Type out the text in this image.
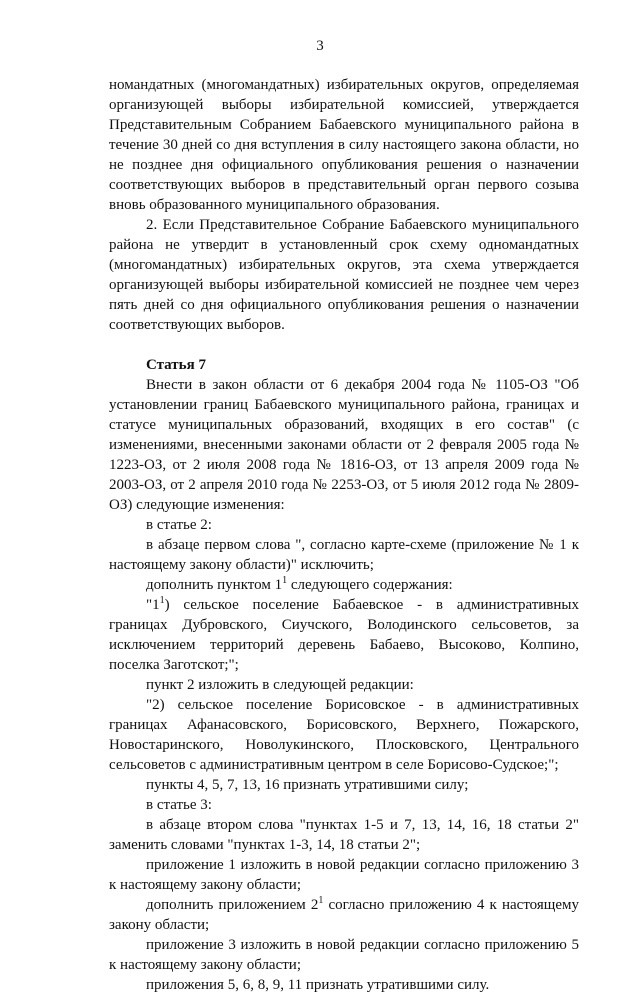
3

номандатных (многомандатных) избирательных округов, определяемая организующей выборы избирательной комиссией, утверждается Представительным Собранием Бабаевского муниципального района в течение 30 дней со дня вступления в силу настоящего закона области, но не позднее дня официального опубликования решения о назначении соответствующих выборов в представительный орган первого созыва вновь образованного муниципального образования.

2. Если Представительное Собрание Бабаевского муниципального района не утвердит в установленный срок схему одномандатных (многомандатных) избирательных округов, эта схема утверждается организующей выборы избирательной комиссией не позднее чем через пять дней со дня официального опубликования решения о назначении соответствующих выборов.

Статья 7

Внести в закон области от 6 декабря 2004 года № 1105-ОЗ "Об установлении границ Бабаевского муниципального района, границах и статусе муниципальных образований, входящих в его состав" (с изменениями, внесенными законами области от 2 февраля 2005 года № 1223-ОЗ, от 2 июля 2008 года № 1816-ОЗ, от 13 апреля 2009 года № 2003-ОЗ, от 2 апреля 2010 года № 2253-ОЗ, от 5 июля 2012 года № 2809-ОЗ) следующие изменения:

в статье 2:

в абзаце первом слова ", согласно карте-схеме (приложение № 1 к настоящему закону области)" исключить;

дополнить пунктом $1^1$ следующего содержания:

"$1^1$) сельское поселение Бабаевское - в административных границах Дубровского, Сиучского, Володинского сельсоветов, за исключением территорий деревень Бабаево, Высоково, Колпино, поселка Заготскот;";

пункт 2 изложить в следующей редакции:

"2) сельское поселение Борисовское - в административных границах Афанасовского, Борисовского, Верхнего, Пожарского, Новостаринского, Новолукинского, Плосковского, Центрального сельсоветов с административным центром в селе Борисово-Судское;";

пункты 4, 5, 7, 13, 16 признать утратившими силу;

в статье 3:

в абзаце втором слова "пунктах 1-5 и 7, 13, 14, 16, 18 статьи 2" заменить словами "пунктах 1-3, 14, 18 статьи 2";

приложение 1 изложить в новой редакции согласно приложению 3 к настоящему закону области;

дополнить приложением $2^1$ согласно приложению 4 к настоящему закону области;

приложение 3 изложить в новой редакции согласно приложению 5 к настоящему закону области;

приложения 5, 6, 8, 9, 11 признать утратившими силу.
